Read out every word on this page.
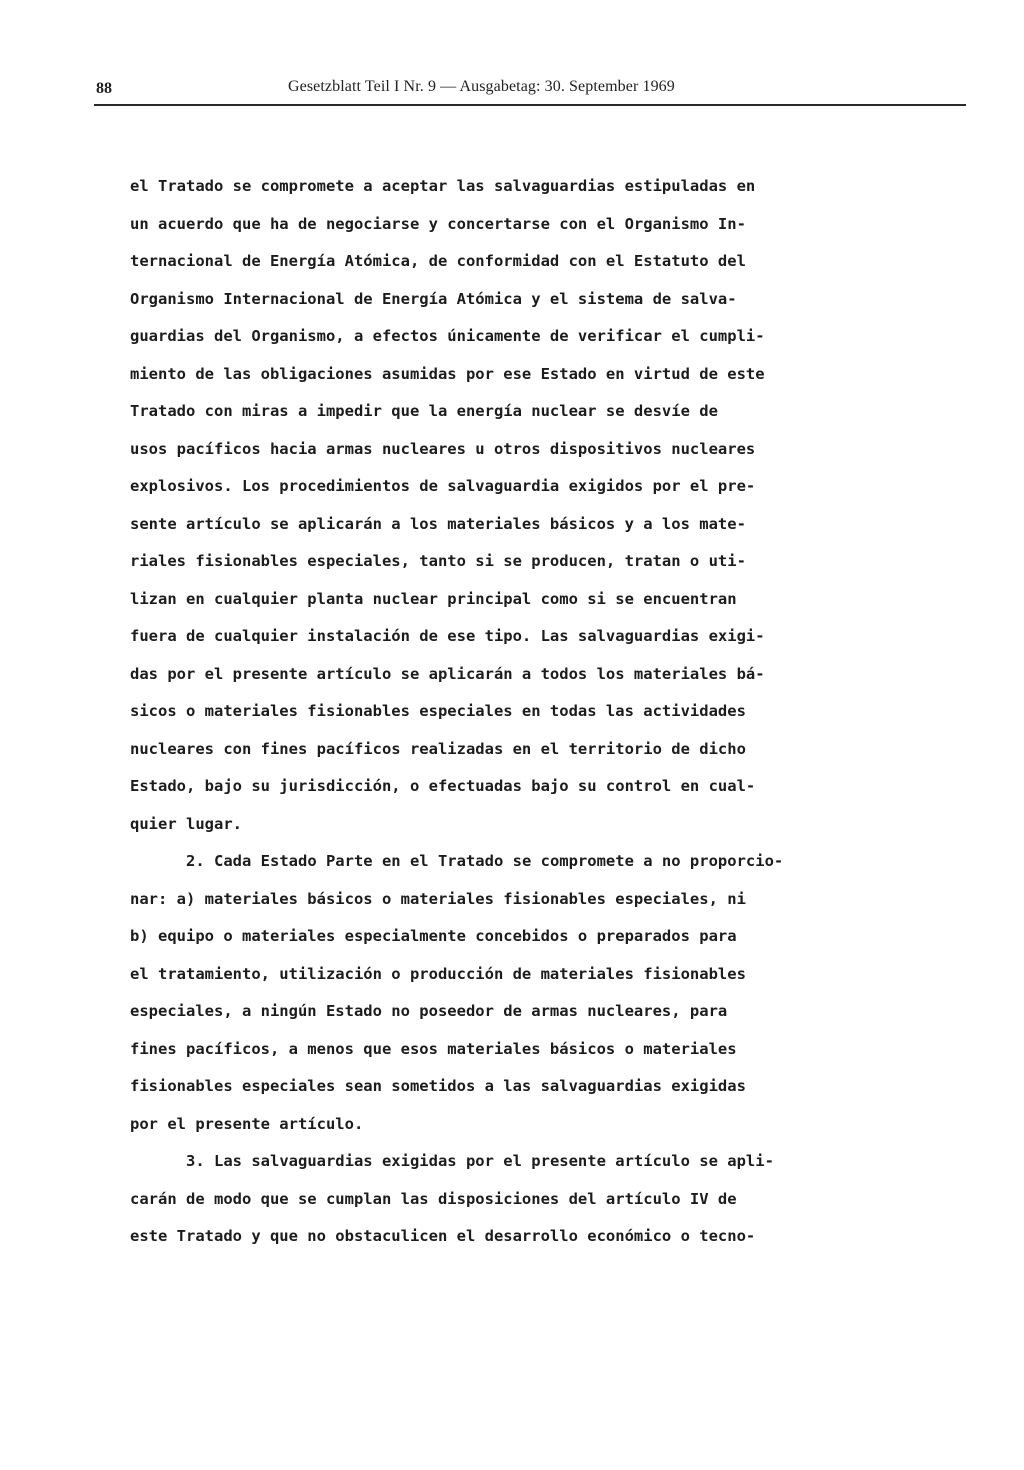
88	Gesetzblatt Teil I Nr. 9 — Ausgabetag: 30. September 1969
el Tratado se compromete a aceptar las salvaguardias estipuladas en
un acuerdo que ha de negociarse y concertarse con el Organismo In-
ternacional de Energía Atómica, de conformidad con el Estatuto del
Organismo Internacional de Energía Atómica y el sistema de salva-
guardias del Organismo, a efectos únicamente de verificar el cumpli-
miento de las obligaciones asumidas por ese Estado en virtud de este
Tratado con miras a impedir que la energía nuclear se desvíe de
usos pacíficos hacia armas nucleares u otros dispositivos nucleares
explosivos. Los procedimientos de salvaguardia exigidos por el pre-
sente artículo se aplicarán a los materiales básicos y a los mate-
riales fisionables especiales, tanto si se producen, tratan o uti-
lizan en cualquier planta nuclear principal como si se encuentran
fuera de cualquier instalación de ese tipo. Las salvaguardias exigi-
das por el presente artículo se aplicarán a todos los materiales bá-
sicos o materiales fisionables especiales en todas las actividades
nucleares con fines pacíficos realizadas en el territorio de dicho
Estado, bajo su jurisdicción, o efectuadas bajo su control en cual-
quier lugar.
2. Cada Estado Parte en el Tratado se compromete a no proporcio-
nar: a) materiales básicos o materiales fisionables especiales, ni
b) equipo o materiales especialmente concebidos o preparados para
el tratamiento, utilización o producción de materiales fisionables
especiales, a ningún Estado no poseedor de armas nucleares, para
fines pacíficos, a menos que esos materiales básicos o materiales
fisionables especiales sean sometidos a las salvaguardias exigidas
por el presente artículo.
3. Las salvaguardias exigidas por el presente artículo se apli-
carán de modo que se cumplan las disposiciones del artículo IV de
este Tratado y que no obstaculicen el desarrollo económico o tecno-
